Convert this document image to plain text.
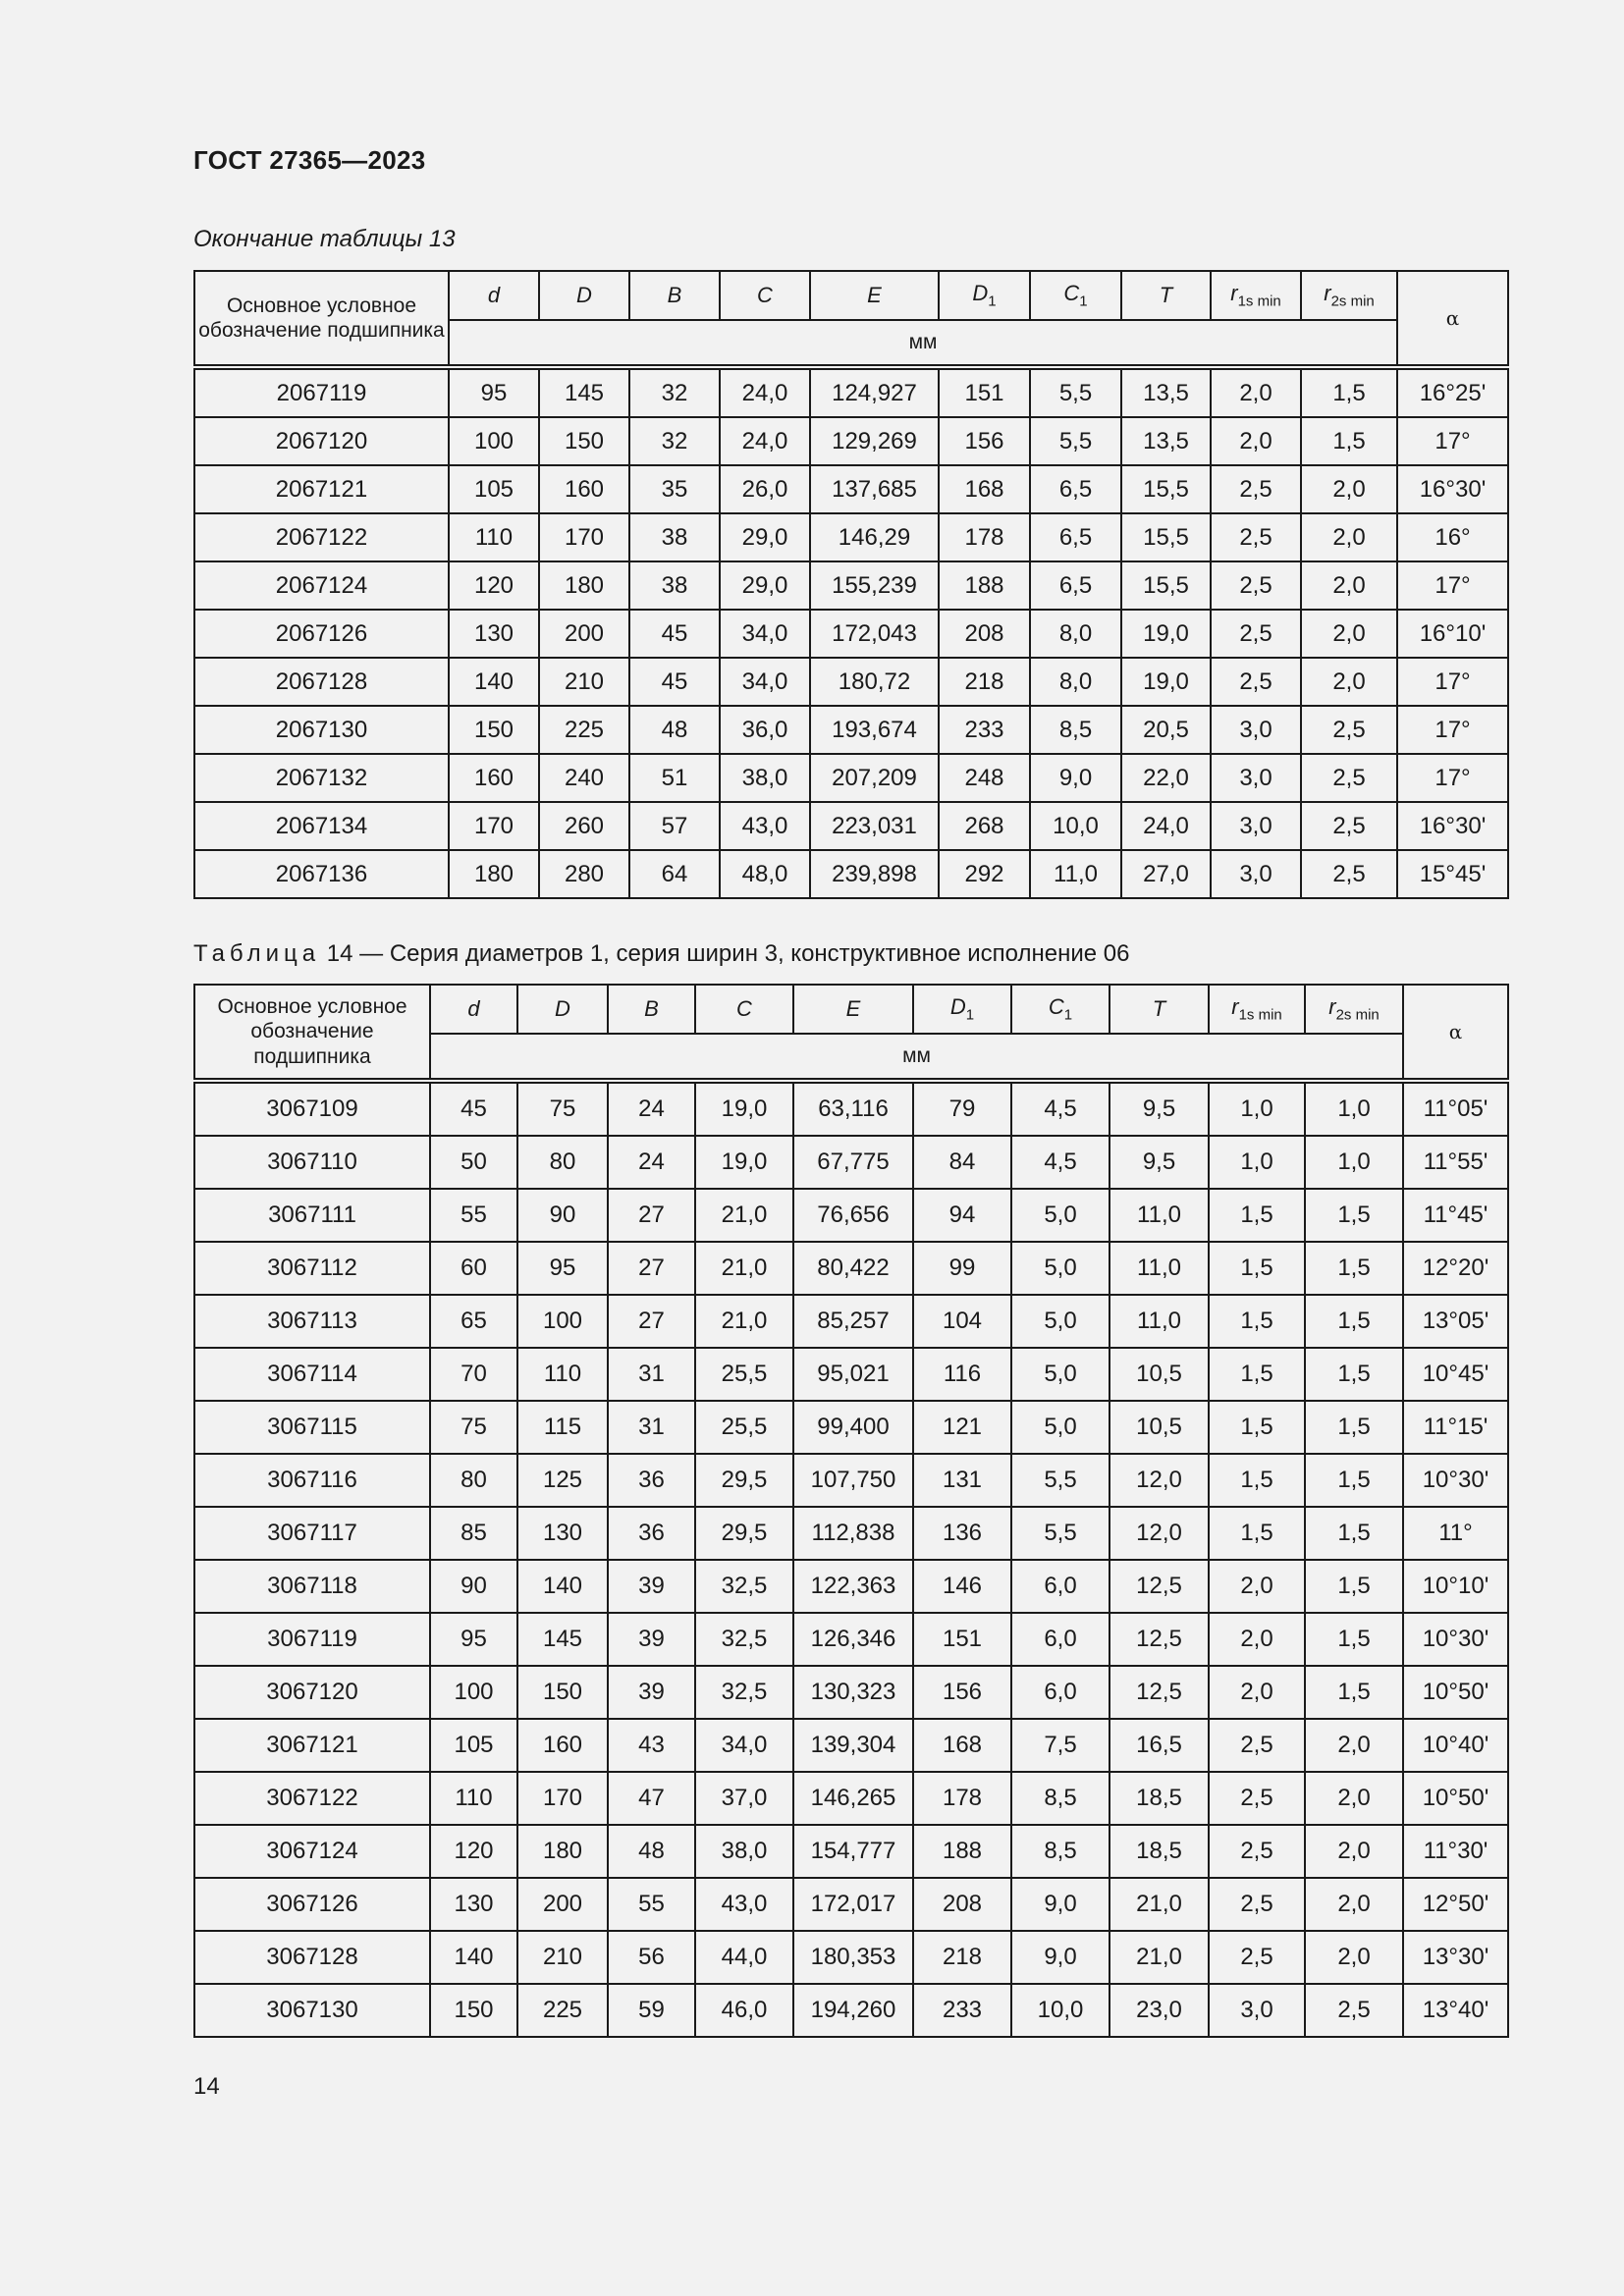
ГОСТ 27365—2023
Окончание таблицы 13
Основное условное обозначение подшипника	d	D	B	C	E	$D_1$	$C_1$	T	$r_{1s min}$	$r_{2s min}$	α
	мм										
2067119	95	145	32	24,0	124,927	151	5,5	13,5	2,0	1,5	16°25'
2067120	100	150	32	24,0	129,269	156	5,5	13,5	2,0	1,5	17°
2067121	105	160	35	26,0	137,685	168	6,5	15,5	2,5	2,0	16°30'
2067122	110	170	38	29,0	146,29	178	6,5	15,5	2,5	2,0	16°
2067124	120	180	38	29,0	155,239	188	6,5	15,5	2,5	2,0	17°
2067126	130	200	45	34,0	172,043	208	8,0	19,0	2,5	2,0	16°10'
2067128	140	210	45	34,0	180,72	218	8,0	19,0	2,5	2,0	17°
2067130	150	225	48	36,0	193,674	233	8,5	20,5	3,0	2,5	17°
2067132	160	240	51	38,0	207,209	248	9,0	22,0	3,0	2,5	17°
2067134	170	260	57	43,0	223,031	268	10,0	24,0	3,0	2,5	16°30'
2067136	180	280	64	48,0	239,898	292	11,0	27,0	3,0	2,5	15°45'
Таблица 14 — Серия диаметров 1, серия ширин 3, конструктивное исполнение 06
Основное условное обозначение подшипника	d	D	B	C	E	$D_1$	$C_1$	T	$r_{1s min}$	$r_{2s min}$	α
	мм										
3067109	45	75	24	19,0	63,116	79	4,5	9,5	1,0	1,0	11°05'
3067110	50	80	24	19,0	67,775	84	4,5	9,5	1,0	1,0	11°55'
3067111	55	90	27	21,0	76,656	94	5,0	11,0	1,5	1,5	11°45'
3067112	60	95	27	21,0	80,422	99	5,0	11,0	1,5	1,5	12°20'
3067113	65	100	27	21,0	85,257	104	5,0	11,0	1,5	1,5	13°05'
3067114	70	110	31	25,5	95,021	116	5,0	10,5	1,5	1,5	10°45'
3067115	75	115	31	25,5	99,400	121	5,0	10,5	1,5	1,5	11°15'
3067116	80	125	36	29,5	107,750	131	5,5	12,0	1,5	1,5	10°30'
3067117	85	130	36	29,5	112,838	136	5,5	12,0	1,5	1,5	11°
3067118	90	140	39	32,5	122,363	146	6,0	12,5	2,0	1,5	10°10'
3067119	95	145	39	32,5	126,346	151	6,0	12,5	2,0	1,5	10°30'
3067120	100	150	39	32,5	130,323	156	6,0	12,5	2,0	1,5	10°50'
3067121	105	160	43	34,0	139,304	168	7,5	16,5	2,5	2,0	10°40'
3067122	110	170	47	37,0	146,265	178	8,5	18,5	2,5	2,0	10°50'
3067124	120	180	48	38,0	154,777	188	8,5	18,5	2,5	2,0	11°30'
3067126	130	200	55	43,0	172,017	208	9,0	21,0	2,5	2,0	12°50'
3067128	140	210	56	44,0	180,353	218	9,0	21,0	2,5	2,0	13°30'
3067130	150	225	59	46,0	194,260	233	10,0	23,0	3,0	2,5	13°40'
14
